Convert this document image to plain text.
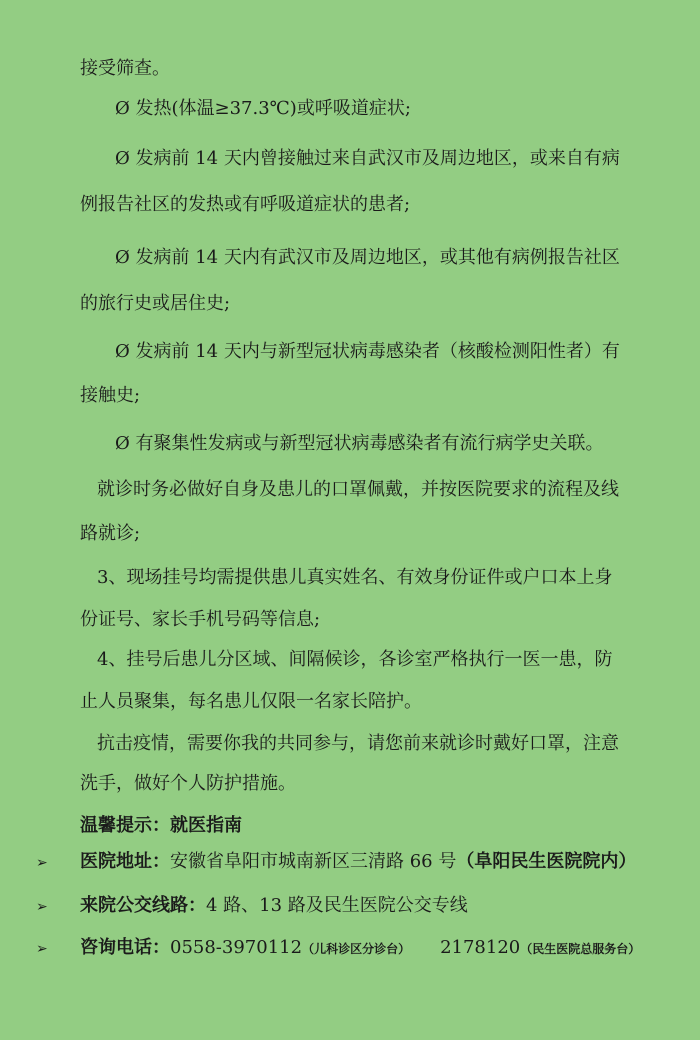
接受筛查。
Ø 发热(体温≥37.3℃)或呼吸道症状;
Ø 发病前 14 天内曾接触过来自武汉市及周边地区，或来自有病
例报告社区的发热或有呼吸道症状的患者;
Ø 发病前 14 天内有武汉市及周边地区，或其他有病例报告社区
的旅行史或居住史;
Ø 发病前 14 天内与新型冠状病毒感染者（核酸检测阳性者）有
接触史;
Ø 有聚集性发病或与新型冠状病毒感染者有流行病学史关联。
就诊时务必做好自身及患儿的口罩佩戴，并按医院要求的流程及线
路就诊;
3、现场挂号均需提供患儿真实姓名、有效身份证件或户口本上身
份证号、家长手机号码等信息;
4、挂号后患儿分区域、间隔候诊，各诊室严格执行一医一患，防
止人员聚集，每名患儿仅限一名家长陪护。
抗击疫情，需要你我的共同参与，请您前来就诊时戴好口罩，注意
洗手，做好个人防护措施。
温馨提示：就医指南
➢ 医院地址：安徽省阜阳市城南新区三清路 66 号（阜阳民生医院院内）
➢ 来院公交线路：4 路、13 路及民生医院公交专线
➢ 咨询电话：0558-3970112（儿科诊区分诊台） 2178120（民生医院总服务台）
